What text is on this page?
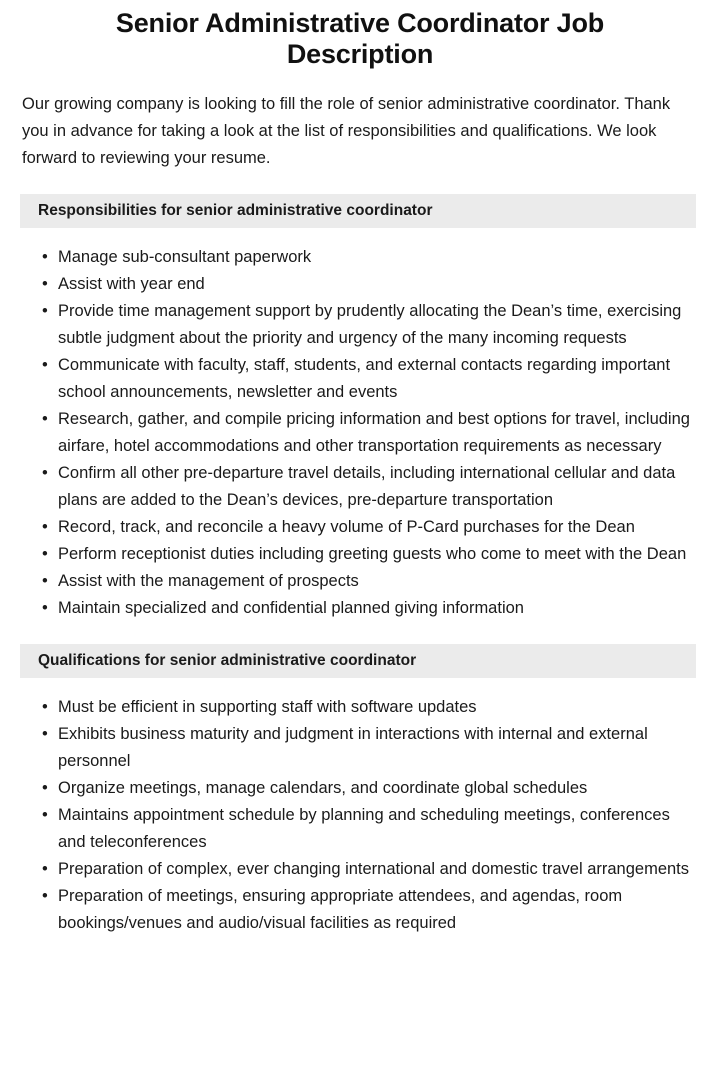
Senior Administrative Coordinator Job Description

Our growing company is looking to fill the role of senior administrative coordinator. Thank you in advance for taking a look at the list of responsibilities and qualifications. We look forward to reviewing your resume.

Responsibilities for senior administrative coordinator
• Manage sub-consultant paperwork
• Assist with year end
• Provide time management support by prudently allocating the Dean’s time, exercising subtle judgment about the priority and urgency of the many incoming requests
• Communicate with faculty, staff, students, and external contacts regarding important school announcements, newsletter and events
• Research, gather, and compile pricing information and best options for travel, including airfare, hotel accommodations and other transportation requirements as necessary
• Confirm all other pre-departure travel details, including international cellular and data plans are added to the Dean’s devices, pre-departure transportation
• Record, track, and reconcile a heavy volume of P-Card purchases for the Dean
• Perform receptionist duties including greeting guests who come to meet with the Dean
• Assist with the management of prospects
• Maintain specialized and confidential planned giving information
Qualifications for senior administrative coordinator
• Must be efficient in supporting staff with software updates
• Exhibits business maturity and judgment in interactions with internal and external personnel
• Organize meetings, manage calendars, and coordinate global schedules
• Maintains appointment schedule by planning and scheduling meetings, conferences and teleconferences
• Preparation of complex, ever changing international and domestic travel arrangements
• Preparation of meetings, ensuring appropriate attendees, and agendas, room bookings/venues and audio/visual facilities as required
